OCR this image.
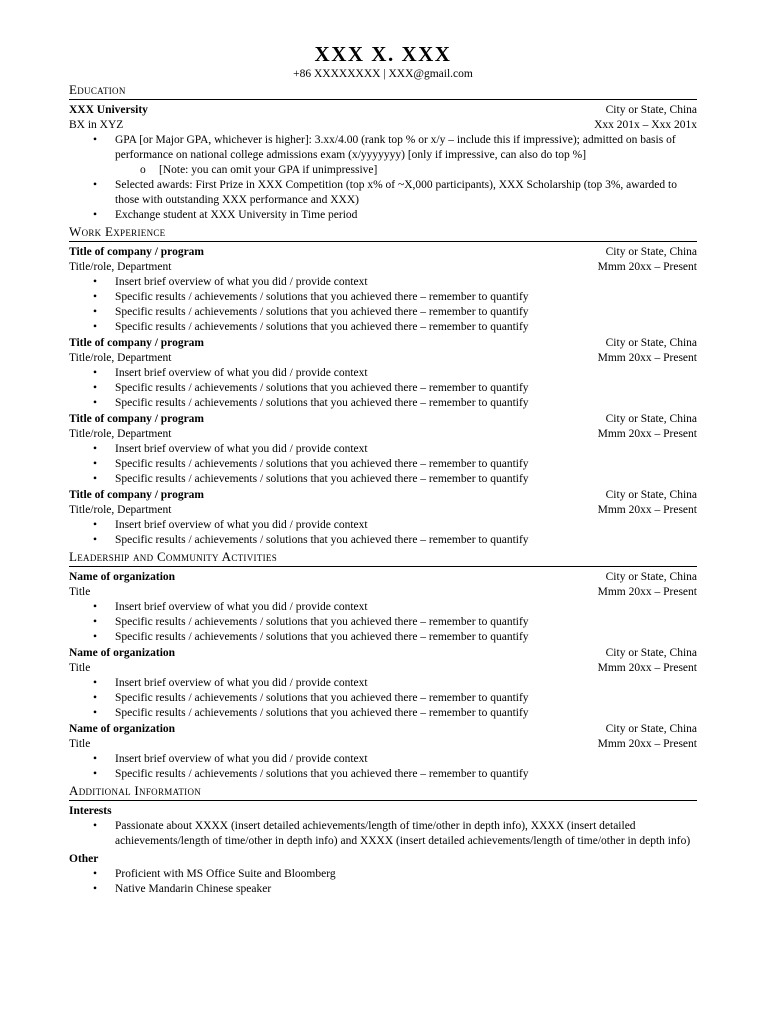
XXX X. XXX
+86 XXXXXXXX | XXX@gmail.com
Education
XXX University	City or State, China
BX in XYZ	Xxx 201x – Xxx 201x
• GPA [or Major GPA, whichever is higher]: 3.xx/4.00 (rank top % or x/y – include this if impressive); admitted on basis of performance on national college admissions exam (x/yyyyyyy) [only if impressive, can also do top %]
o [Note: you can omit your GPA if unimpressive]
• Selected awards: First Prize in XXX Competition (top x% of ~X,000 participants), XXX Scholarship (top 3%, awarded to those with outstanding XXX performance and XXX)
• Exchange student at XXX University in Time period
Work Experience
Title of company / program	City or State, China
Title/role, Department	Mmm 20xx – Present
• Insert brief overview of what you did / provide context
• Specific results / achievements / solutions that you achieved there – remember to quantify
• Specific results / achievements / solutions that you achieved there – remember to quantify
• Specific results / achievements / solutions that you achieved there – remember to quantify
Title of company / program	City or State, China
Title/role, Department	Mmm 20xx – Present
• Insert brief overview of what you did / provide context
• Specific results / achievements / solutions that you achieved there – remember to quantify
• Specific results / achievements / solutions that you achieved there – remember to quantify
Title of company / program	City or State, China
Title/role, Department	Mmm 20xx – Present
• Insert brief overview of what you did / provide context
• Specific results / achievements / solutions that you achieved there – remember to quantify
• Specific results / achievements / solutions that you achieved there – remember to quantify
Title of company / program	City or State, China
Title/role, Department	Mmm 20xx – Present
• Insert brief overview of what you did / provide context
• Specific results / achievements / solutions that you achieved there – remember to quantify
Leadership and Community Activities
Name of organization	City or State, China
Title	Mmm 20xx – Present
• Insert brief overview of what you did / provide context
• Specific results / achievements / solutions that you achieved there – remember to quantify
• Specific results / achievements / solutions that you achieved there – remember to quantify
Name of organization	City or State, China
Title	Mmm 20xx – Present
• Insert brief overview of what you did / provide context
• Specific results / achievements / solutions that you achieved there – remember to quantify
• Specific results / achievements / solutions that you achieved there – remember to quantify
Name of organization	City or State, China
Title	Mmm 20xx – Present
• Insert brief overview of what you did / provide context
• Specific results / achievements / solutions that you achieved there – remember to quantify
Additional Information
Interests
• Passionate about XXXX (insert detailed achievements/length of time/other in depth info), XXXX (insert detailed achievements/length of time/other in depth info) and XXXX (insert detailed achievements/length of time/other in depth info)
Other
• Proficient with MS Office Suite and Bloomberg
• Native Mandarin Chinese speaker
